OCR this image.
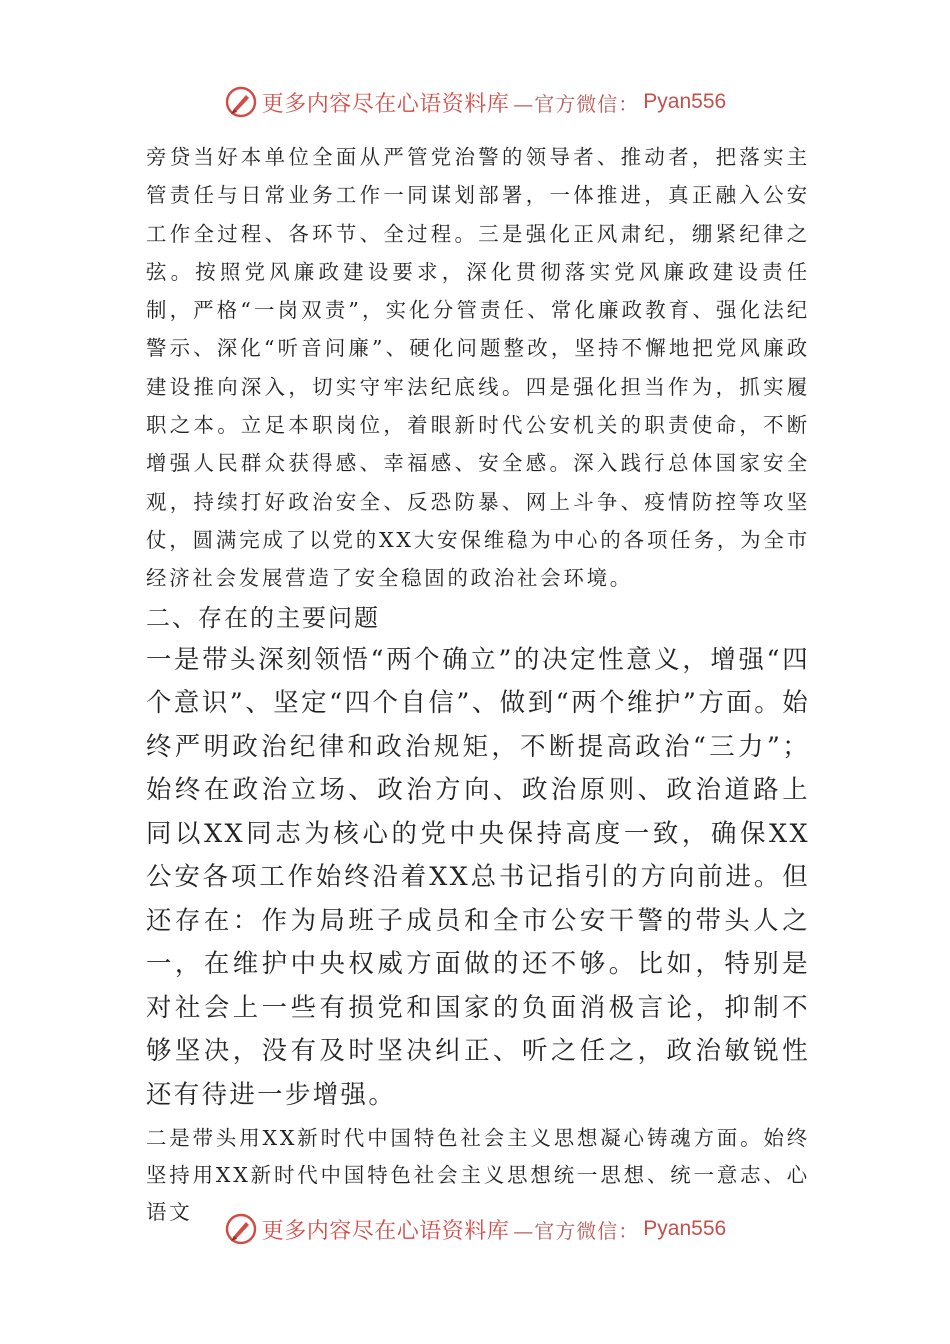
更多内容尽在心语资料库 —官方微信： Pyan556

旁贷当好本单位全面从严管党治警的领导者、推动者，把落实主管责任与日常业务工作一同谋划部署，一体推进，真正融入公安工作全过程、各环节、全过程。三是强化正风肃纪，绷紧纪律之弦。按照党风廉政建设要求，深化贯彻落实党风廉政建设责任制，严格“一岗双责”，实化分管责任、常化廉政教育、强化法纪警示、深化“听音问廉”、硬化问题整改，坚持不懈地把党风廉政建设推向深入，切实守牢法纪底线。四是强化担当作为，抓实履职之本。立足本职岗位，着眼新时代公安机关的职责使命，不断增强人民群众获得感、幸福感、安全感。深入践行总体国家安全观，持续打好政治安全、反恐防暴、网上斗争、疫情防控等攻坚仗，圆满完成了以党的XX大安保维稳为中心的各项任务，为全市经济社会发展营造了安全稳固的政治社会环境。

二、存在的主要问题

一是带头深刻领悟“两个确立”的决定性意义，增强“四个意识”、坚定“四个自信”、做到“两个维护”方面。始终严明政治纪律和政治规矩，不断提高政治“三力”；始终在政治立场、政治方向、政治原则、政治道路上同以XX同志为核心的党中央保持高度一致，确保XX公安各项工作始终沿着XX总书记指引的方向前进。但还存在：作为局班子成员和全市公安干警的带头人之一，在维护中央权威方面做的还不够。比如，特别是对社会上一些有损党和国家的负面消极言论，抑制不够坚决，没有及时坚决纠正、听之任之，政治敏锐性还有待进一步增强。

二是带头用XX新时代中国特色社会主义思想凝心铸魂方面。始终坚持用XX新时代中国特色社会主义思想统一思想、统一意志、心语文

更多内容尽在心语资料库 —官方微信： Pyan556
